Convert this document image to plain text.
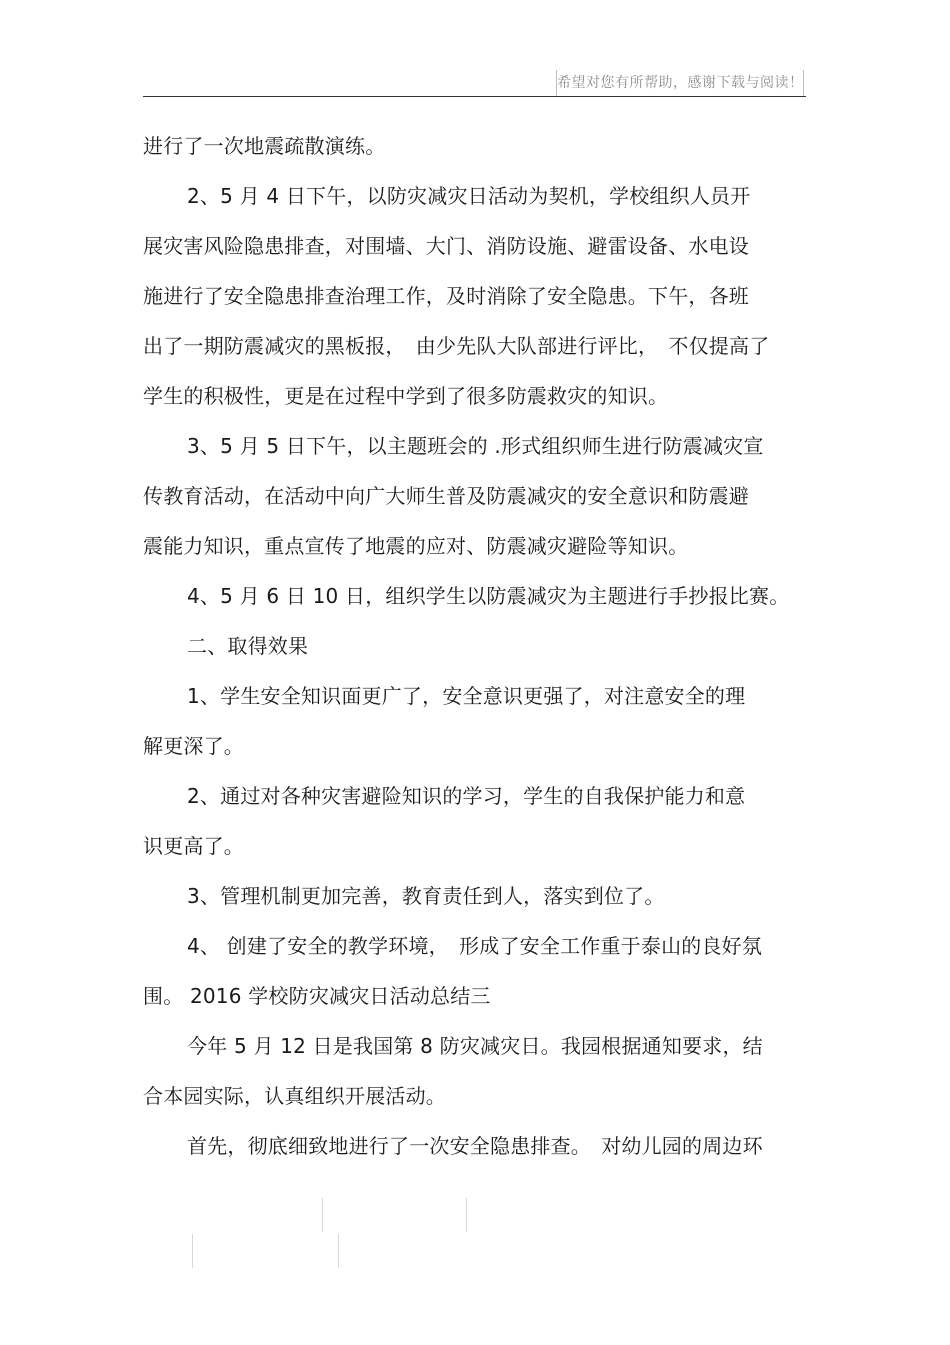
希望对您有所帮助，感谢下载与阅读！
进行了一次地震疏散演练。
2、5 月 4 日下午，以防灾减灾日活动为契机，学校组织人员开
展灾害风险隐患排查，对围墙、大门、消防设施、避雷设备、水电设
施进行了安全隐患排查治理工作，及时消除了安全隐患。下午，各班
出了一期防震减灾的黑板报，　由少先队大队部进行评比，　不仅提高了
学生的积极性，更是在过程中学到了很多防震救灾的知识。
3、5 月 5 日下午，以主题班会的 .形式组织师生进行防震减灾宣
传教育活动，在活动中向广大师生普及防震减灾的安全意识和防震避
震能力知识，重点宣传了地震的应对、防震减灾避险等知识。
4、5 月 6 日 10 日，组织学生以防震减灾为主题进行手抄报比赛。
二、取得效果
1、学生安全知识面更广了，安全意识更强了，对注意安全的理
解更深了。
2、通过对各种灾害避险知识的学习，学生的自我保护能力和意
识更高了。
3、管理机制更加完善，教育责任到人，落实到位了。
4、 创建了安全的教学环境，　形成了安全工作重于泰山的良好氛
围。 2016 学校防灾减灾日活动总结三
今年 5 月 12 日是我国第 8 防灾减灾日。我园根据通知要求，结
合本园实际，认真组织开展活动。
首先，彻底细致地进行了一次安全隐患排查。　对幼儿园的周边环
